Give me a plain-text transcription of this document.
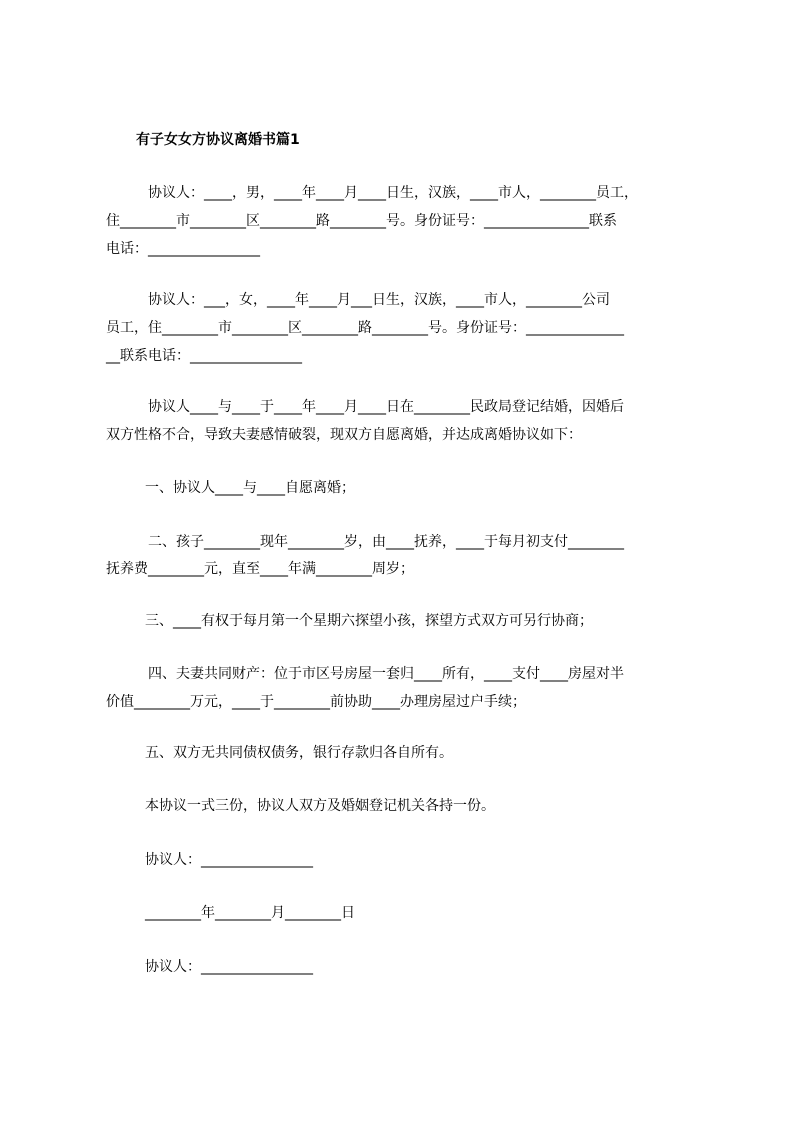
有子女女方协议离婚书篇1
协议人：____，男，____年____月____日生，汉族，____市人，________员工，
住________市________区________路________号。身份证号：_______________联系
电话：________________
协议人：___，女，____年____月___日生，汉族，____市人，________公司
员工，住________市________区________路________号。身份证号：______________
__联系电话：________________
协议人____与____于____年____月____日在________民政局登记结婚，因婚后
双方性格不合，导致夫妻感情破裂，现双方自愿离婚，并达成离婚协议如下：
一、协议人____与____自愿离婚；
二、孩子________现年________岁，由____抚养，____于每月初支付________
抚养费________元，直至____年满________周岁；
三、____有权于每月第一个星期六探望小孩，探望方式双方可另行协商；
四、夫妻共同财产：位于市区号房屋一套归____所有，____支付____房屋对半
价值________万元，____于________前协助____办理房屋过户手续；
五、双方无共同债权债务，银行存款归各自所有。
本协议一式三份，协议人双方及婚姻登记机关各持一份。
协议人：________________
________年________月________日
协议人：________________
